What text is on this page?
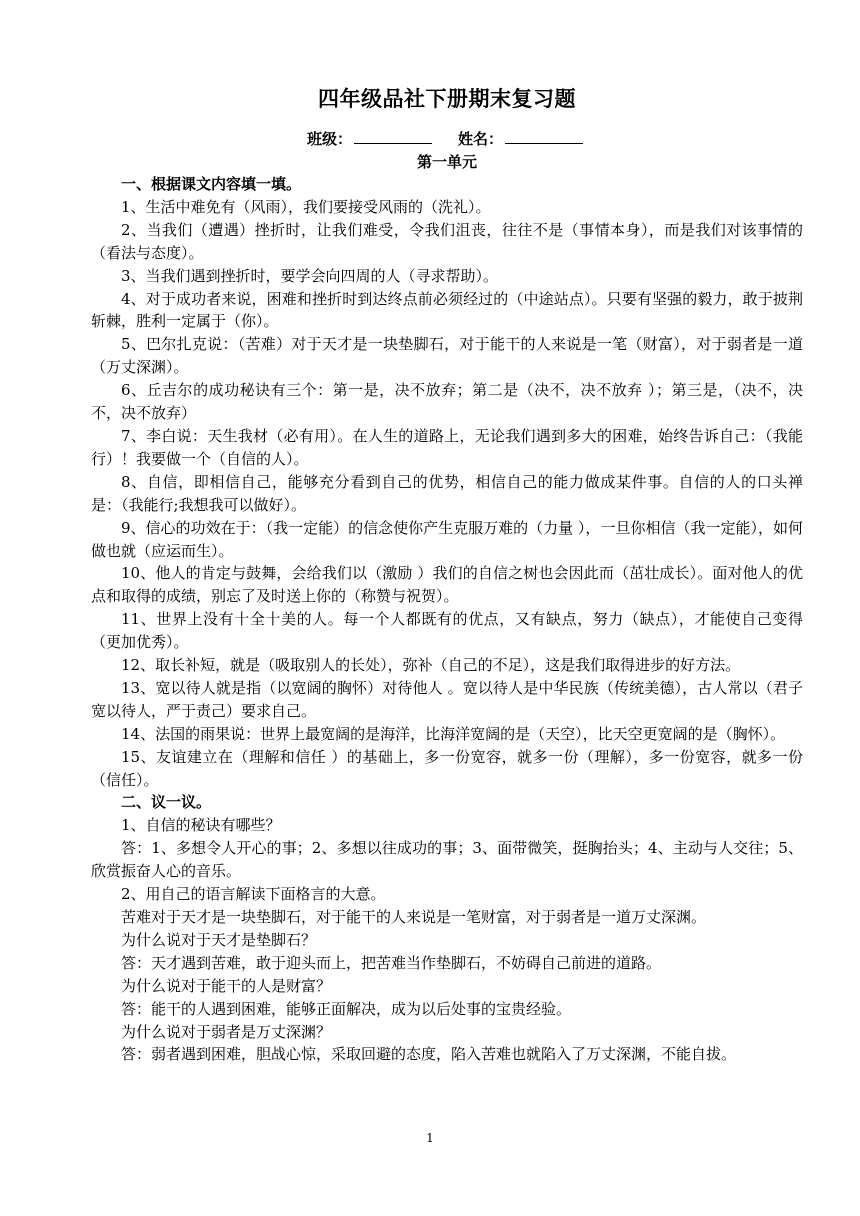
四年级品社下册期末复习题
班级：	姓名：
第一单元

一、根据课文内容填一填。

1、生活中难免有（风雨），我们要接受风雨的（洗礼）。

2、当我们（遭遇）挫折时，让我们难受，令我们沮丧，往往不是（事情本身），而是我们对该事情的（看法与态度）。

3、当我们遇到挫折时，要学会向四周的人（寻求帮助）。

4、对于成功者来说，困难和挫折时到达终点前必须经过的（中途站点）。只要有坚强的毅力，敢于披荆斩棘，胜利一定属于（你）。

5、巴尔扎克说：（苦难）对于天才是一块垫脚石，对于能干的人来说是一笔（财富），对于弱者是一道（万丈深渊）。

6、丘吉尔的成功秘诀有三个：第一是，决不放弃；第二是（决不，决不放弃 ）；第三是，（决不，决不，决不放弃）

7、李白说：天生我材（必有用）。在人生的道路上，无论我们遇到多大的困难，始终告诉自己：（我能行）！我要做一个（自信的人）。

8、自信，即相信自己，能够充分看到自己的优势，相信自己的能力做成某件事。自信的人的口头禅是：（我能行;我想我可以做好）。

9、信心的功效在于：（我一定能）的信念使你产生克服万难的（力量 ），一旦你相信（我一定能），如何做也就（应运而生）。

10、他人的肯定与鼓舞，会给我们以（激励 ）我们的自信之树也会因此而（茁壮成长）。面对他人的优点和取得的成绩，别忘了及时送上你的（称赞与祝贺）。

11、世界上没有十全十美的人。每一个人都既有的优点，又有缺点，努力（缺点），才能使自己变得（更加优秀）。

12、取长补短，就是（吸取别人的长处），弥补（自己的不足），这是我们取得进步的好方法。

13、宽以待人就是指（以宽阔的胸怀）对待他人 。宽以待人是中华民族（传统美德），古人常以（君子宽以待人，严于责己）要求自己。

14、法国的雨果说：世界上最宽阔的是海洋，比海洋宽阔的是（天空），比天空更宽阔的是（胸怀）。

15、友谊建立在（理解和信任 ）的基础上，多一份宽容，就多一份（理解），多一份宽容，就多一份（信任）。

二、议一议。

1、自信的秘诀有哪些？

答：1、多想令人开心的事；2、多想以往成功的事；3、面带微笑，挺胸抬头；4、主动与人交往；5、欣赏振奋人心的音乐。

2、用自己的语言解读下面格言的大意。

苦难对于天才是一块垫脚石，对于能干的人来说是一笔财富，对于弱者是一道万丈深渊。

为什么说对于天才是垫脚石？

答：天才遇到苦难，敢于迎头而上，把苦难当作垫脚石，不妨碍自己前进的道路。

为什么说对于能干的人是财富？

答：能干的人遇到困难，能够正面解决，成为以后处事的宝贵经验。

为什么说对于弱者是万丈深渊？

答：弱者遇到困难，胆战心惊，采取回避的态度，陷入苦难也就陷入了万丈深渊，不能自拔。

1
